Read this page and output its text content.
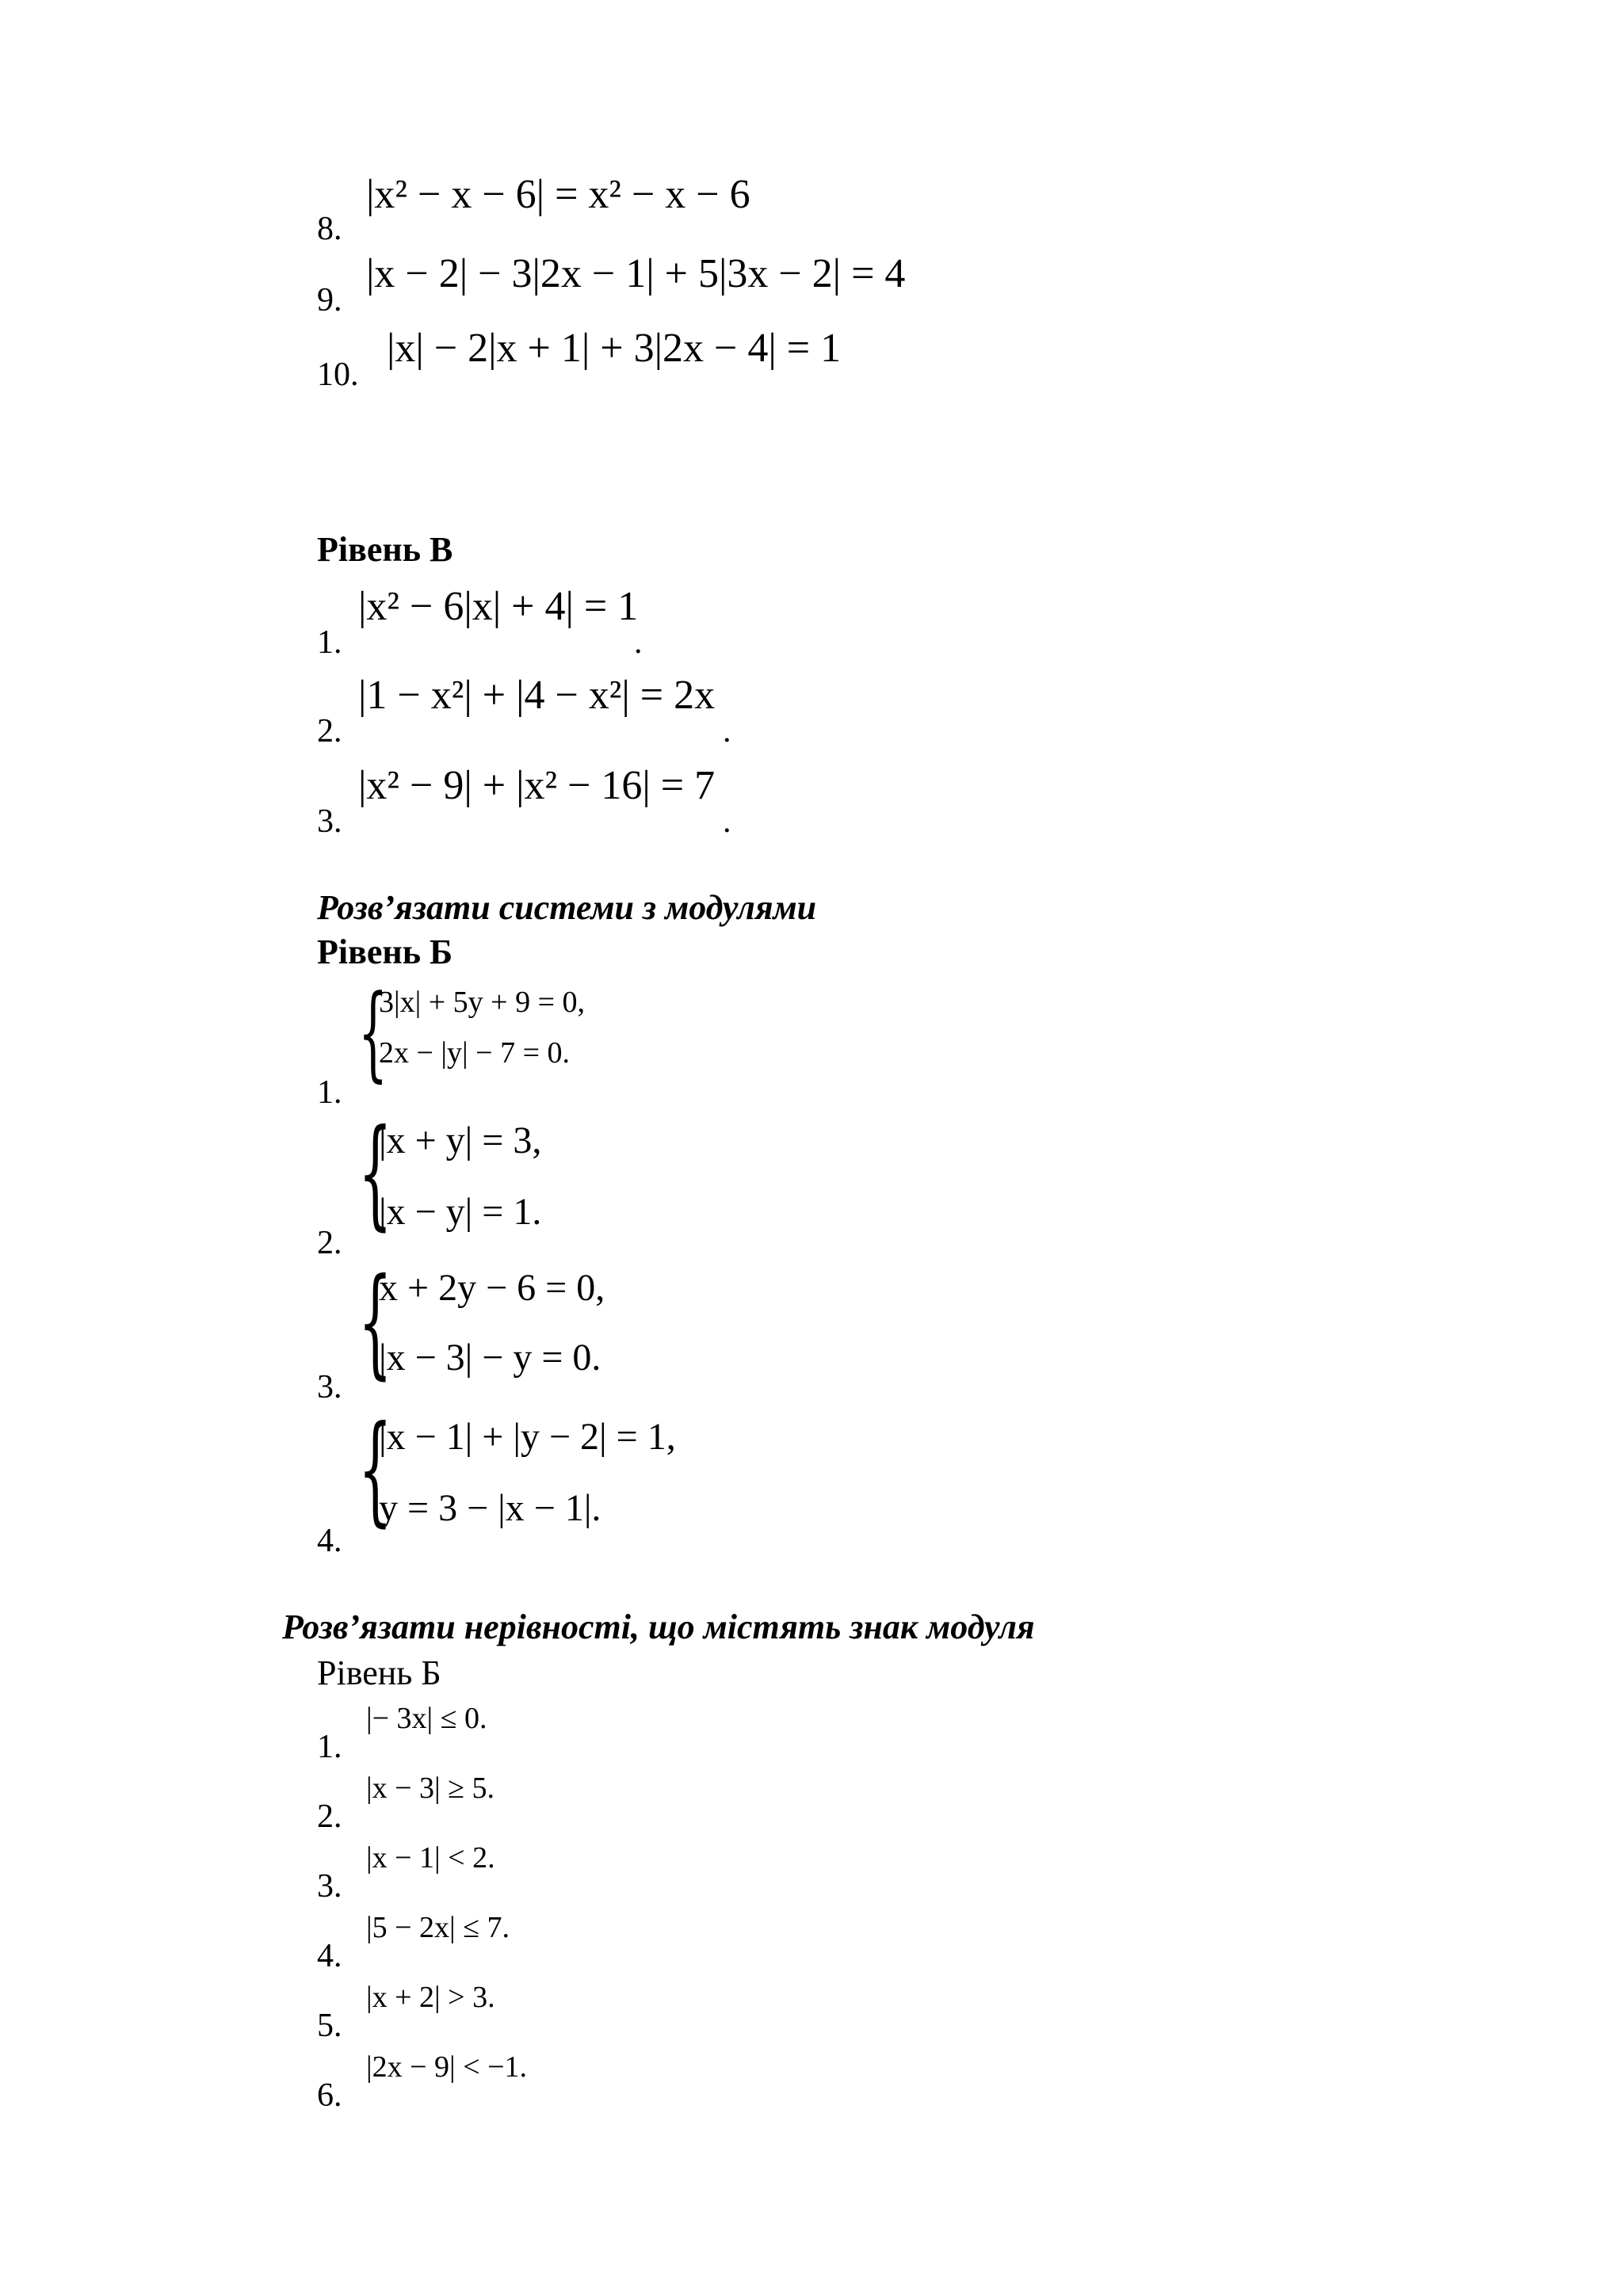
8.
|x² − x − 6| = x² − x − 6
9.
|x − 2| − 3|2x − 1| + 5|3x − 2| = 4
10.
|x| − 2|x + 1| + 3|2x − 4| = 1
Рівень В
1.
|x² − 6|x| + 4| = 1
.
2.
|1 − x²| + |4 − x²| = 2x
.
3.
|x² − 9| + |x² − 16| = 7
.
Розв’язати системи з модулями
Рівень Б
1. {
3|x| + 5y + 9 = 0,
2x − |y| − 7 = 0.
2.
{
|x + y| = 3,
|x − y| = 1.
3. {
x + 2y − 6 = 0,
|x − 3| − y = 0.
4.
{
|x − 1| + |y − 2| = 1,
y = 3 − |x − 1|.
Розв’язати нерівності, що містять знак модуля
Рівень Б
1.
|− 3x| ≤ 0.
2.
|x − 3| ≥ 5.
3.
|x − 1| < 2.
4.
|5 − 2x| ≤ 7.
5.
|x + 2| > 3.
6.
|2x − 9| < −1.
